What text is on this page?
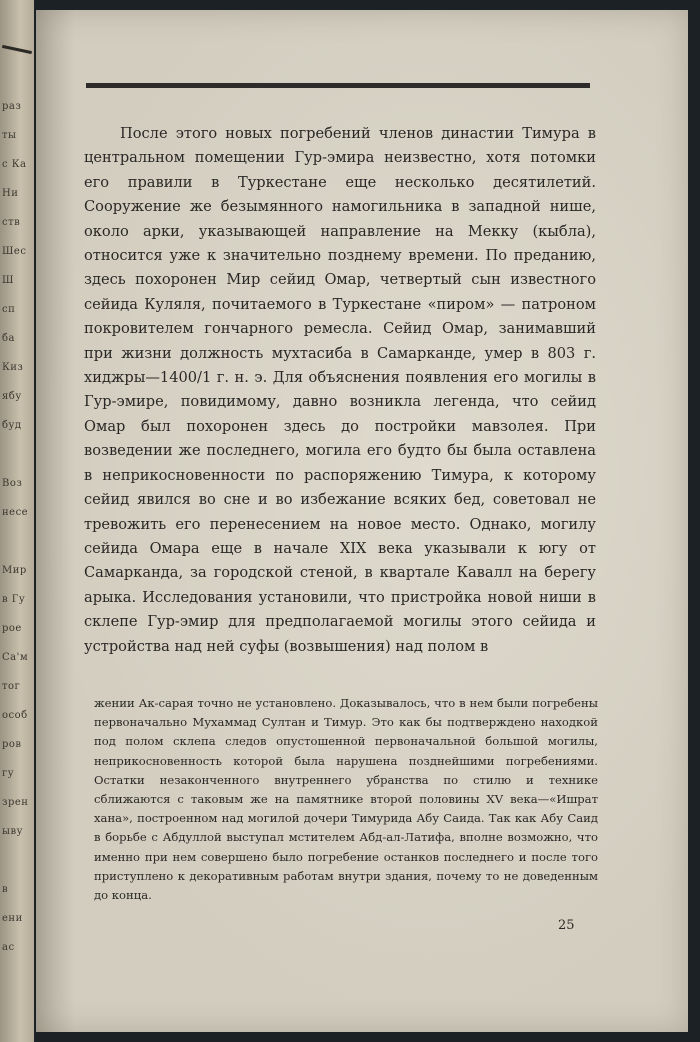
раз
ты
с Ка
Ни
ств
Шес
Ш
сп
ба
Киз
ябу
буд

Воз
несе

Мир
в Гу
рое
Са'м
тог
особ
ров
гу
зрен
ыву

в
ени
ас

После этого новых погребений членов династии Тимура в центральном помещении Гур-эмира неизвестно, хотя потомки его правили в Туркестане еще несколько десятилетий. Сооружение же безымянного намогильника в западной нише, около арки, указывающей направление на Мекку (кыбла), относится уже к значительно позднему времени. По преданию, здесь похоронен Мир сейид Омар, четвертый сын известного сейида Куляля, почитаемого в Туркестане «пиром» — патроном покровителем гончарного ремесла. Сейид Омар, занимавший при жизни должность мухтасиба в Самарканде, умер в 803 г. хиджры—1400/1 г. н. э. Для объяснения появления его могилы в Гур-эмире, повидимому, давно возникла легенда, что сейид Омар был похоронен здесь до постройки мавзолея. При возведении же последнего, могила его будто бы была оставлена в неприкосновенности по распоряжению Тимура, к которому сейид явился во сне и во избежание всяких бед, советовал не тревожить его перенесением на новое место. Однако, могилу сейида Омара еще в начале XIX века указывали к югу от Самарканда, за городской стеной, в квартале Кавалл на берегу арыка. Исследования установили, что пристройка новой ниши в склепе Гур-эмир для предполагаемой могилы этого сейида и устройства над ней суфы (возвышения) над полом в

жении Ак-сарая точно не установлено. Доказывалось, что в нем были погребены первоначально Мухаммад Султан и Тимур. Это как бы подтверждено находкой под полом склепа следов опустошенной первоначальной большой могилы, неприкосновенность которой была нарушена позднейшими погребениями. Остатки незаконченного внутреннего убранства по стилю и технике сближаются с таковым же на памятнике второй половины XV века—«Ишрат хана», построенном над могилой дочери Тимурида Абу Саида. Так как Абу Саид в борьбе с Абдуллой выступал мстителем Абд-ал-Латифа, вполне возможно, что именно при нем совершено было погребение останков последнего и после того приступлено к декоративным работам внутри здания, почему то не доведенным до конца.

25
